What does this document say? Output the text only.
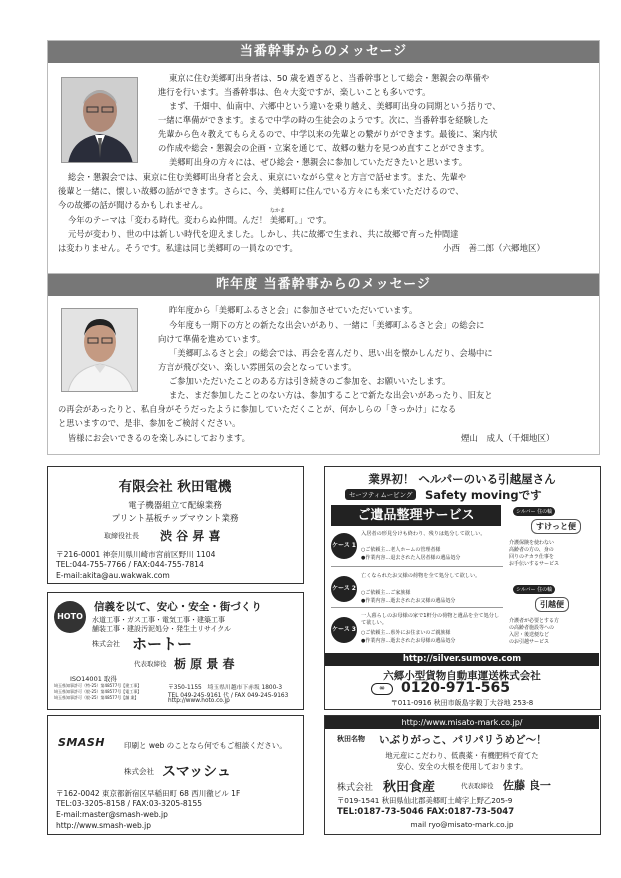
当番幹事からのメッセージ
東京に住む美郷町出身者は、50 歳を過ぎると、当番幹事として総会・懇親会の準備や
進行を行います。当番幹事は、色々大変ですが、楽しいことも多いです。
まず、千畑中、仙南中、六郷中という違いを乗り越え、美郷町出身の同期という括りで、
一緒に準備ができます。まるで中学の時の生徒会のようです。次に、当番幹事を経験した
先輩から色々教えてもらえるので、中学以来の先輩との繋がりができます。最後に、案内状
の作成や総会・懇親会の企画・立案を通じて、故郷の魅力を見つめ直すことができます。
美郷町出身の方々には、ぜひ総会・懇親会に参加していただきたいと思います。
総会・懇親会では、東京に住む美郷町出身者と会え、東京にいながら堂々と方言で話せます。また、先輩や
後輩と一緒に、懐しい故郷の話ができます。さらに、今、美郷町に住んでいる方々にも来ていただけるので、
今の故郷の話が聞けるかもしれません。
なかま
今年のテーマは「変わる時代。変わらぬ仲間。んだ！ 美郷町。」です。
元号が変わり、世の中は新しい時代を迎えました。しかし、共に故郷で生まれ、共に故郷で育った仲間達
は変わりません。そうです。私達は同じ美郷町の一員なのです。	小西　善二郎（六郷地区）
昨年度 当番幹事からのメッセージ
昨年度から「美郷町ふるさと会」に参加させていただいています。
今年度も一期下の方との新たな出会いがあり、一緒に「美郷町ふるさと会」の総会に
向けて準備を進めています。
「美郷町ふるさと会」の総会では、再会を喜んだり、思い出を懐かしんだり、会場中に
方言が飛び交い、楽しい雰囲気の会となっています。
ご参加いただいたことのある方は引き続きのご参加を、お願いいたします。
また、まだ参加したことのない方は、参加することで新たな出会いがあったり、旧友と
の再会があったりと、私自身がそうだったように参加していただくことが、何かしらの「きっかけ」になる
と思いますので、是非、参加をご検討ください。
皆様にお会いできるのを楽しみにしております。	煙山　成人（千畑地区）
有限会社 秋田電機
電子機器組立て配線業務
プリント基板チップマウント業務
取締役社長 渋 谷 昇 喜
〒216-0001 神奈川県川崎市宮前区野川 1104
TEL:044-755-7766 / FAX:044-755-7814
E-mail:akita@au.wakwak.com
HOTO
信義を以て、安心・安全・街づくり
水道工事・ガス工事・電気工事・建築工事
舗装工事・建設汚泥処分・発生土リサイクル
株式会社 ホートー
代表取締役 栃 原 景 春
ISO14001 取得
埼玉県知事許可（特-25）第48577号【建工事】
埼玉県知事許可（般-25）第48577号【電工事】
埼玉県知事許可（般-25）第48577号【舗 業】
〒350-1155　埼玉県川越市下赤坂 1800-3
TEL 049-245-9161 代 / FAX 049-245-9163
http://www.hoto.co.jp
SMASH	印刷と web のことなら何でもご相談ください。
株式会社 スマッシュ
〒162-0042 東京都新宿区早稲田町 68 西川徹ビル 1F
TEL:03-3205-8158 / FAX:03-3205-8155
E-mail:master@smash-web.jp
http://www.smash-web.jp
業界初！ ヘルパーのいる引越屋さん
セーフティムービング	Safety movingです
ご遺品整理サービス
ケース 1
入居者の形見分けも終わり、残りは処分して欲しい。
○ご依頼主…老人ホームの管理者様
●作業内容…退去された入居者様の遺品処分
ケース 2
亡くなられたお父様の荷物を全て処分して欲しい。
○ご依頼主…ご家族様
●作業内容…逝去されたお父様の遺品処分
ケース 3
一人暮らしのお母様の家で1軒分の荷物と遺品を全て処分して欲しい。
○ご依頼主…県外にお住まいのご親族様
●作業内容…逝去されたお母様の遺品処分
シルバー 住の輪
すけっと便
介護保険を使わない
高齢者の方の、身の
回りのチカラ仕事を
お手伝いするサービス
シルバー 住の輪
引越便
介護者が必要とする方
の高齢者施設等への
入居・後送便など
のお引越サービス
http://silver.sumove.com
六郷小型貨物自動車運送株式会社
∞	0120-971-565
〒011-0916 秋田市飯島字穀丁大谷地 253-8
http://www.misato-mark.co.jp/
秋田名物 いぶりがっこ、パリパリうめど～！
地元産にこだわり、低農薬・有機肥料で育てた
安心、安全の大根を使用しております。
株式会社 秋田食産	代表取締役 佐藤 良一
〒019-1541 秋田県仙北郡美郷町土崎字上野乙205-9
TEL:0187-73-5046 FAX:0187-73-5047
mail ryo@misato-mark.co.jp
